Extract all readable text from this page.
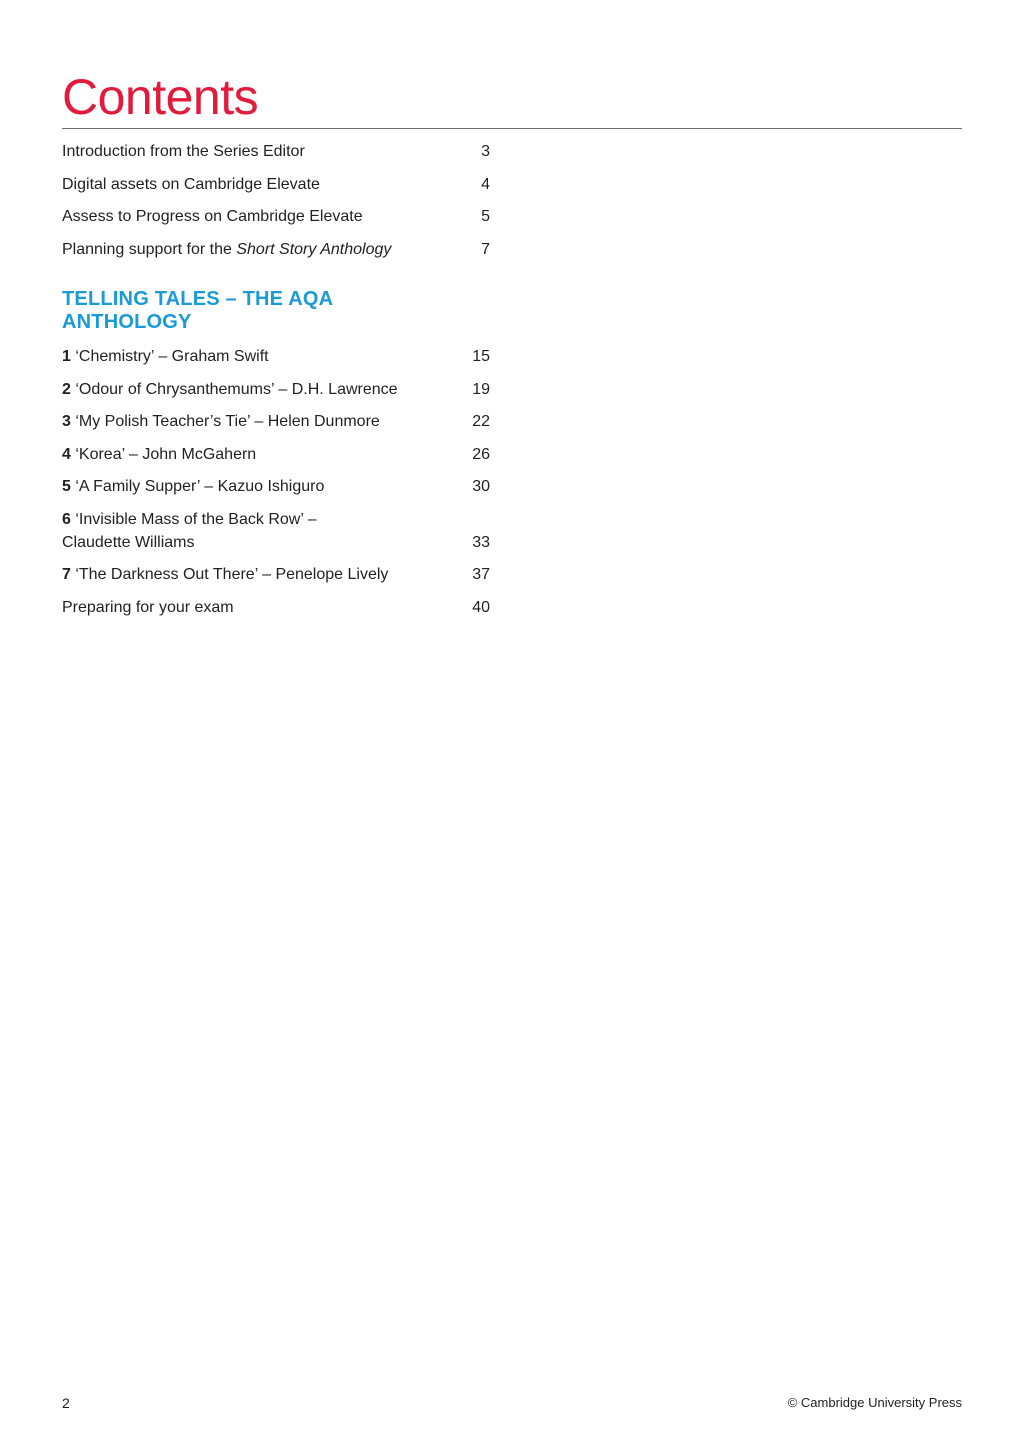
Contents
Introduction from the Series Editor	3
Digital assets on Cambridge Elevate	4
Assess to Progress on Cambridge Elevate	5
Planning support for the Short Story Anthology	7
TELLING TALES – THE AQA ANTHOLOGY
1 ‘Chemistry’ – Graham Swift	15
2 ‘Odour of Chrysanthemums’ – D.H. Lawrence	19
3 ‘My Polish Teacher’s Tie’ – Helen Dunmore	22
4 ‘Korea’ – John McGahern	26
5 ‘A Family Supper’ – Kazuo Ishiguro	30
6 ‘Invisible Mass of the Back Row’ –
Claudette Williams	33
7 ‘The Darkness Out There’ – Penelope Lively	37
Preparing for your exam	40
2	© Cambridge University Press
